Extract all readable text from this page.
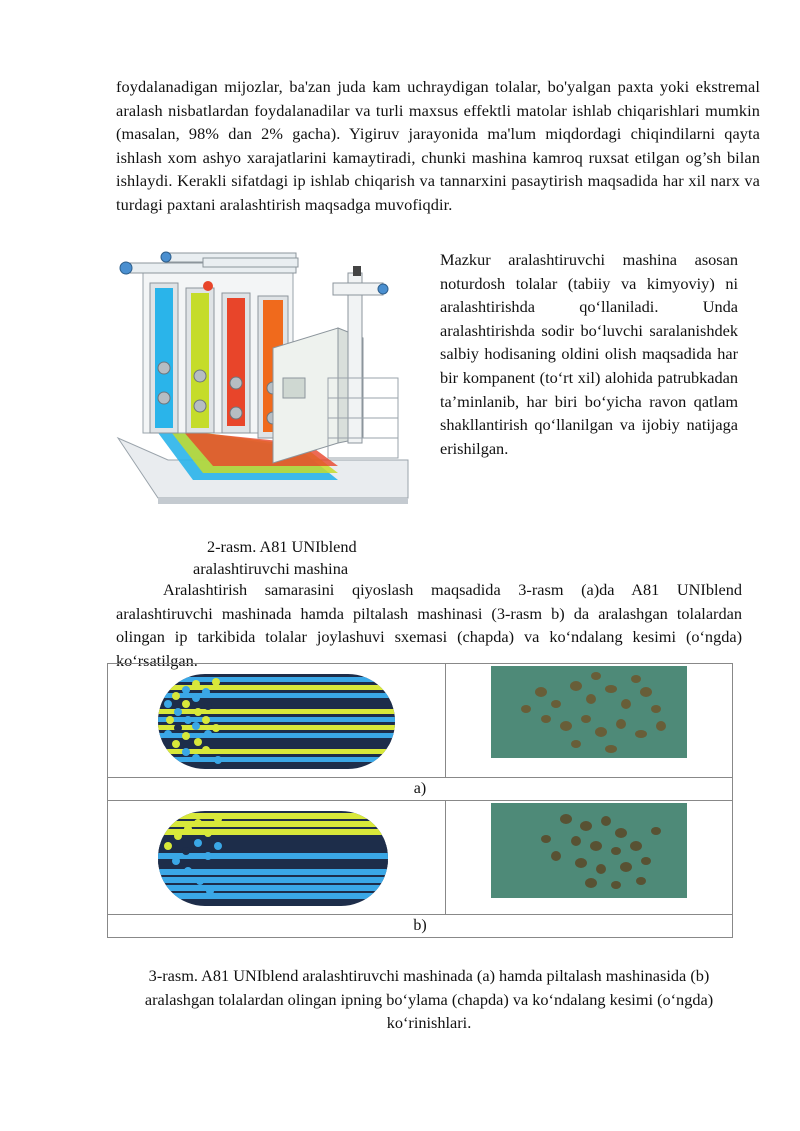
foydalanadigan mijozlar, ba'zan juda kam uchraydigan tolalar, bo'yalgan paxta yoki ekstremal aralash nisbatlardan foydalanadilar va turli maxsus effektli matolar ishlab chiqarishlari mumkin (masalan, 98% dan 2% gacha). Yigiruv jarayonida ma'lum miqdordagi chiqindilarni qayta ishlash xom ashyo xarajatlarini kamaytiradi, chunki mashina kamroq ruxsat etilgan og’sh bilan ishlaydi. Kerakli sifatdagi ip ishlab chiqarish va tannarxini pasaytirish maqsadida har xil narx va turdagi paxtani aralashtirish maqsadga muvofiqdir.
Mazkur aralashtiruvchi mashina asosan noturdosh tolalar (tabiiy va kimyoviy) ni aralashtirishda qo‘llaniladi. Unda aralashtirishda sodir bo‘luvchi saralanishdek salbiy hodisaning oldini olish maqsadida har bir kompanent (to‘rt xil) alohida patrubkadan ta’minlanib, har biri bo‘yicha ravon qatlam shakllantirish qo‘llanilgan va ijobiy natijaga erishilgan.
2-rasm. A81 UNIblend
aralashtiruvchi mashina
Aralashtirish samarasini qiyoslash maqsadida 3-rasm (a)da A81 UNIblend aralashtiruvchi mashinada hamda piltalash mashinasi (3-rasm b) da aralashgan tolalardan olingan ip tarkibida tolalar joylashuvi sxemasi (chapda) va ko‘ndalang kesimi (o‘ngda) ko‘rsatilgan.

a)	

b)	
3-rasm. A81 UNIblend aralashtiruvchi mashinada (a) hamda piltalash mashinasida (b) aralashgan tolalardan olingan ipning bo‘ylama (chapda) va ko‘ndalang kesimi (o‘ngda) ko‘rinishlari.
